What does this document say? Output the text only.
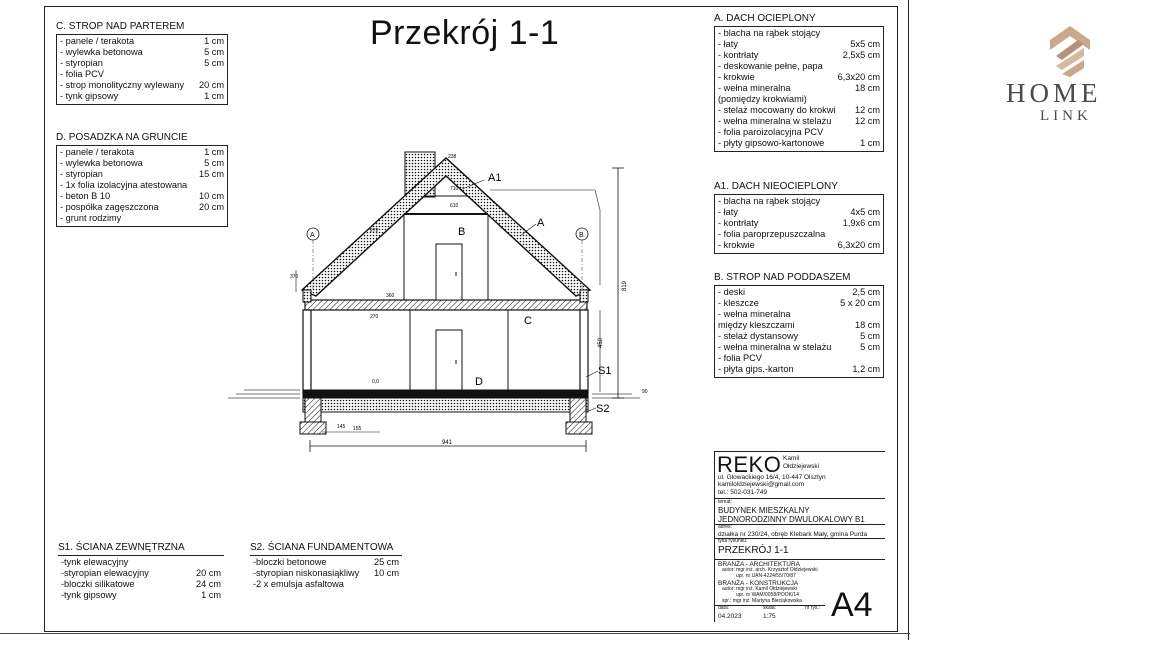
Przekrój 1-1
C. STROP NAD PARTEREM
- panele / terakota	1 cm
- wylewka betonowa	5 cm
- styropian	5 cm
- folia PCV
- strop monolityczny wylewany	20 cm
- tynk gipsowy	1 cm
D. POSADZKA NA GRUNCIE
- panele / terakota	1 cm
- wylewka betonowa	5 cm
- styropian	15 cm
- 1x folia izolacyjna atestowana
- beton B 10	10 cm
- pospółka zagęszczona	20 cm
- grunt rodzimy
A. DACH OCIEPLONY
- blacha na rąbek stojący
- łaty	5x5 cm
- kontrłaty	2,5x5 cm
- deskowanie pełne, papa
- krokwie	6,3x20 cm
- wełna mineralna	18 cm
(pomiędzy krokwiami)
- stelaż mocowany do krokwi	12 cm
- wełna mineralna w stelażu	12 cm
- folia paroizolacyjna PCV
- płyty gipsowo-kartonowe	1 cm
A1. DACH NIEOCIEPLONY
- blacha na rąbek stojący
- łaty	4x5 cm
- kontrłaty	1,9x6 cm
- folia paroprzepuszczalna
- krokwie	6,3x20 cm
B. STROP NAD PODDASZEM
- deski	2,5 cm
- kleszcze	5 x 20 cm
- wełna mineralna
między kleszczami	18 cm
- stelaż dystansowy	5 cm
- wełna mineralna w stelażu	5 cm
- folia PCV
- płyta gips.-karton	1,2 cm
S1. ŚCIANA ZEWNĘTRZNA
-tynk elewacyjny
-styropian elewacyjny	20 cm
-bloczki silikatowe	24 cm
-tynk gipsowy	1 cm
S2. ŚCIANA FUNDAMENTOWA
-bloczki betonowe	25 cm
-styropian niskonasiąkliwy	10 cm
-2 x emulsja asfaltowa
A1
A
B
C
D
S1
S2
A	B
941
819
450
370
90
145 155
238
710
610
272
360
270
0,0
REKO Kamil
Ołdziejewski
ul. Głowackiego 16/4, 10-447 Olsztyn
kamiloldziejewski@gmail.com
tel.: 502-031-749
temat:
BUDYNEK MIESZKALNY
JEDNORODZINNY DWULOKALOWY B1
adres:
działka nr 230/24, obręb Klebark Mały, gmina Purda
tytuł rysunku:
PRZEKRÓJ 1-1
BRANŻA - ARCHITEKTURA
autor: mgr inż. arch. Krzysztof Ołdziejewski
upr. nr UAN-4224/55/70/87
BRANŻA - KONSTRUKCJA
autor: mgr inż. Kamil Ołdziejewski
upr. nr WAM/0058/POOK/14
spr.: mgr inż. Martyna Bieciąkowska
data:
04.2023
skala:
1:75
nr rys.: A4
HOME
LINK
